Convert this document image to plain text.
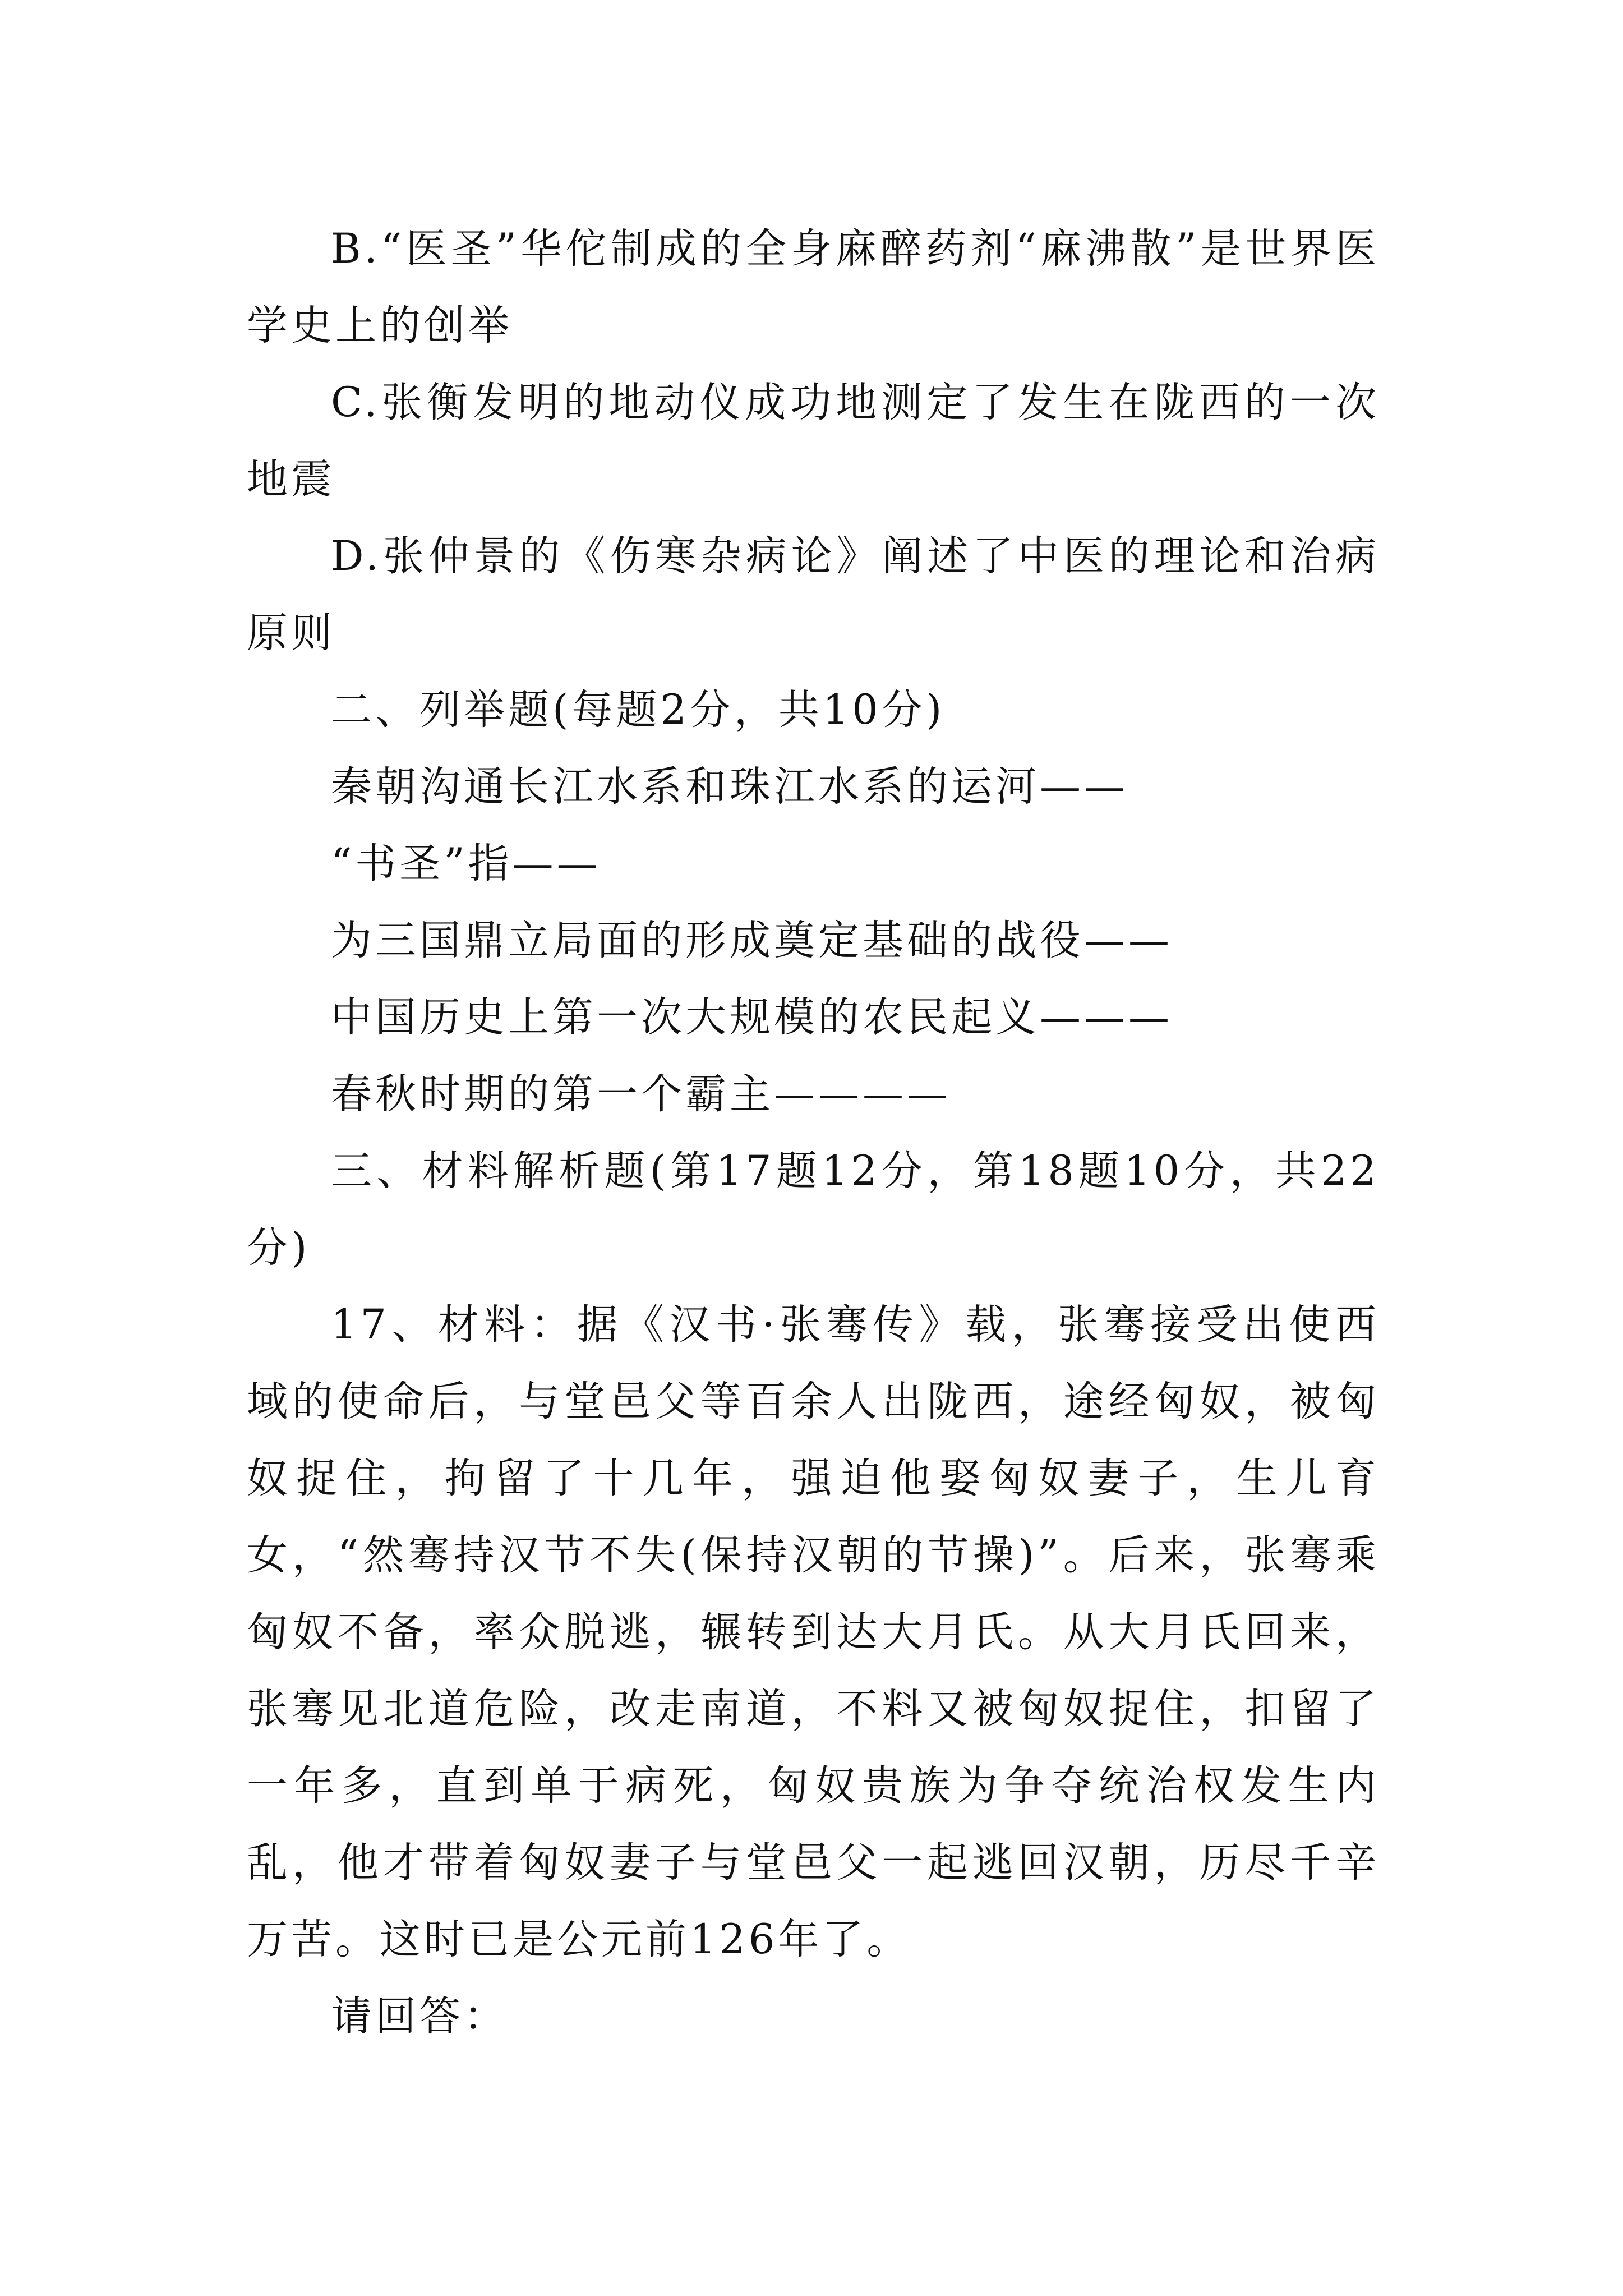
B.“医圣”华佗制成的全身麻醉药剂“麻沸散”是世界医学史上的创举

C.张衡发明的地动仪成功地测定了发生在陇西的一次地震

D.张仲景的《伤寒杂病论》阐述了中医的理论和治病原则

二、列举题(每题2分，共10分)

秦朝沟通长江水系和珠江水系的运河——

“书圣”指——

为三国鼎立局面的形成奠定基础的战役——

中国历史上第一次大规模的农民起义———

春秋时期的第一个霸主————

三、材料解析题(第17题12分，第18题10分，共22分)

17、材料：据《汉书·张骞传》载，张骞接受出使西域的使命后，与堂邑父等百余人出陇西，途经匈奴，被匈奴捉住，拘留了十几年，强迫他娶匈奴妻子，生儿育女，“然骞持汉节不失(保持汉朝的节操)”。后来，张骞乘匈奴不备，率众脱逃，辗转到达大月氏。从大月氏回来，张骞见北道危险，改走南道，不料又被匈奴捉住，扣留了一年多，直到单于病死，匈奴贵族为争夺统治权发生内乱，他才带着匈奴妻子与堂邑父一起逃回汉朝，历尽千辛万苦。这时已是公元前126年了。

请回答：
